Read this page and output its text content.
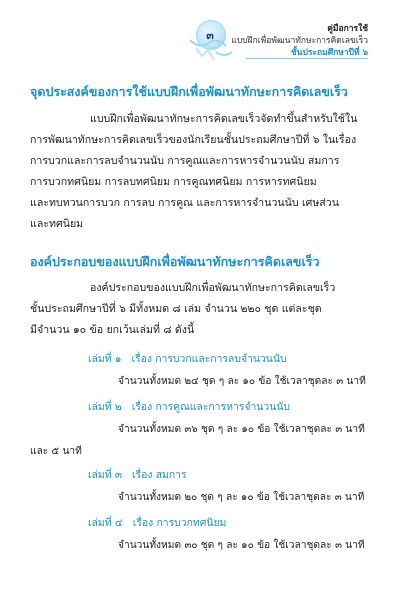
๓	คู่มือการใช้
แบบฝึกเพื่อพัฒนาทักษะการคิดเลขเร็ว
ชั้นประถมศึกษาปีที่ ๖
จุดประสงค์ของการใช้แบบฝึกเพื่อพัฒนาทักษะการคิดเลขเร็ว
แบบฝึกเพื่อพัฒนาทักษะการคิดเลขเร็วจัดทำขึ้นสำหรับใช้ใน
การพัฒนาทักษะการคิดเลขเร็วของนักเรียนชั้นประถมศึกษาปีที่ ๖ ในเรื่อง
การบวกและการลบจำนวนนับ การคูณและการหารจำนวนนับ สมการ
การบวกทศนิยม การลบทศนิยม การคูณทศนิยม การหารทศนิยม
และทบทวนการบวก การลบ การคูณ และการหารจำนวนนับ เศษส่วน
และทศนิยม
องค์ประกอบของแบบฝึกเพื่อพัฒนาทักษะการคิดเลขเร็ว
องค์ประกอบของแบบฝึกเพื่อพัฒนาทักษะการคิดเลขเร็ว
ชั้นประถมศึกษาปีที่ ๖ มีทั้งหมด ๘ เล่ม จำนวน ๒๒๐ ชุด แต่ละชุด
มีจำนวน ๑๐ ข้อ ยกเว้นเล่มที่ ๘ ดังนี้
เล่มที่ ๑ เรื่อง การบวกและการลบจำนวนนับ
จำนวนทั้งหมด ๒๔ ชุด ๆ ละ ๑๐ ข้อ ใช้เวลาชุดละ ๓ นาที
เล่มที่ ๒ เรื่อง การคูณและการหารจำนวนนับ
จำนวนทั้งหมด ๓๖ ชุด ๆ ละ ๑๐ ข้อ ใช้เวลาชุดละ ๓ นาที
และ ๕ นาที
เล่มที่ ๓ เรื่อง สมการ
จำนวนทั้งหมด ๒๐ ชุด ๆ ละ ๑๐ ข้อ ใช้เวลาชุดละ ๓ นาที
เล่มที่ ๔ เรื่อง การบวกทศนิยม
จำนวนทั้งหมด ๓๐ ชุด ๆ ละ ๑๐ ข้อ ใช้เวลาชุดละ ๓ นาที
